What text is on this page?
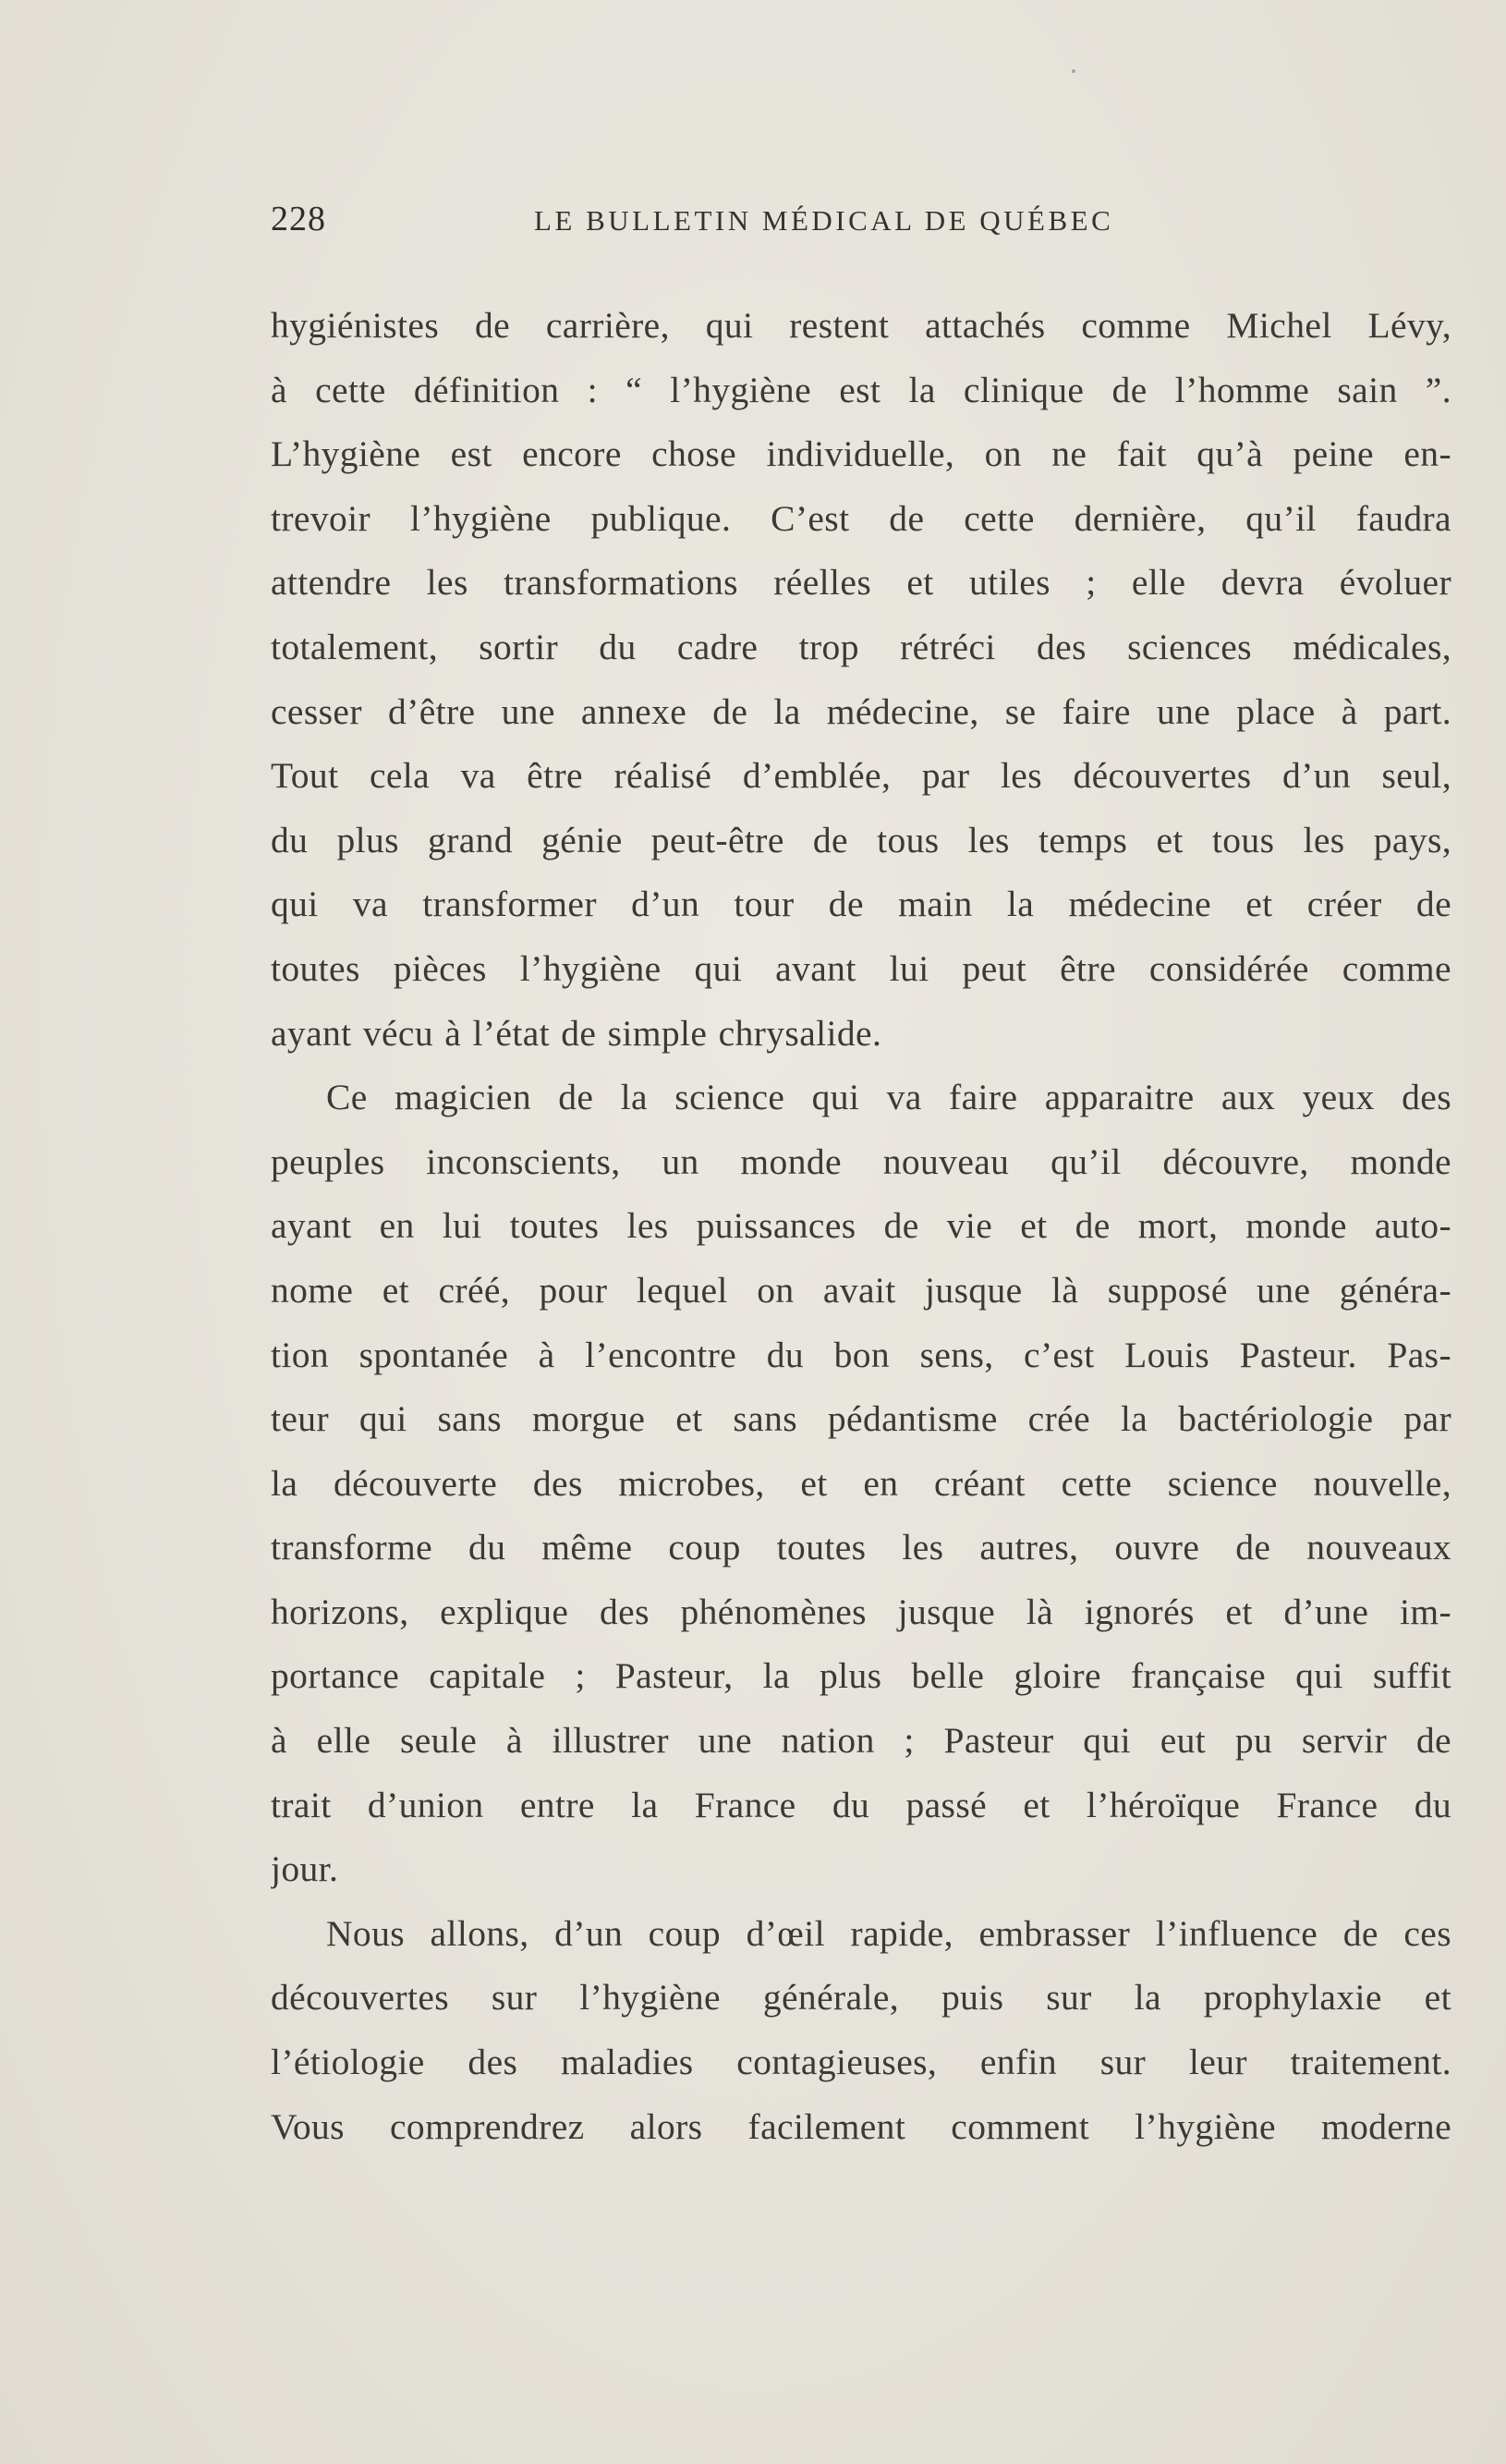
228	LE BULLETIN MÉDICAL DE QUÉBEC
hygiénistes de carrière, qui restent attachés comme Michel Lévy,
à cette définition : “ l’hygiène est la clinique de l’homme sain ”.
L’hygiène est encore chose individuelle, on ne fait qu’à peine en-
trevoir l’hygiène publique. C’est de cette dernière, qu’il faudra
attendre les transformations réelles et utiles ; elle devra évoluer
totalement, sortir du cadre trop rétréci des sciences médicales,
cesser d’être une annexe de la médecine, se faire une place à part.
Tout cela va être réalisé d’emblée, par les découvertes d’un seul,
du plus grand génie peut-être de tous les temps et tous les pays,
qui va transformer d’un tour de main la médecine et créer de
toutes pièces l’hygiène qui avant lui peut être considérée comme
ayant vécu à l’état de simple chrysalide.
Ce magicien de la science qui va faire apparaitre aux yeux des
peuples inconscients, un monde nouveau qu’il découvre, monde
ayant en lui toutes les puissances de vie et de mort, monde auto-
nome et créé, pour lequel on avait jusque là supposé une généra-
tion spontanée à l’encontre du bon sens, c’est Louis Pasteur. Pas-
teur qui sans morgue et sans pédantisme crée la bactériologie par
la découverte des microbes, et en créant cette science nouvelle,
transforme du même coup toutes les autres, ouvre de nouveaux
horizons, explique des phénomènes jusque là ignorés et d’une im-
portance capitale ; Pasteur, la plus belle gloire française qui suffit
à elle seule à illustrer une nation ; Pasteur qui eut pu servir de
trait d’union entre la France du passé et l’héroïque France du
jour.
Nous allons, d’un coup d’œil rapide, embrasser l’influence de ces
découvertes sur l’hygiène générale, puis sur la prophylaxie et
l’étiologie des maladies contagieuses, enfin sur leur traitement.
Vous comprendrez alors facilement comment l’hygiène moderne
